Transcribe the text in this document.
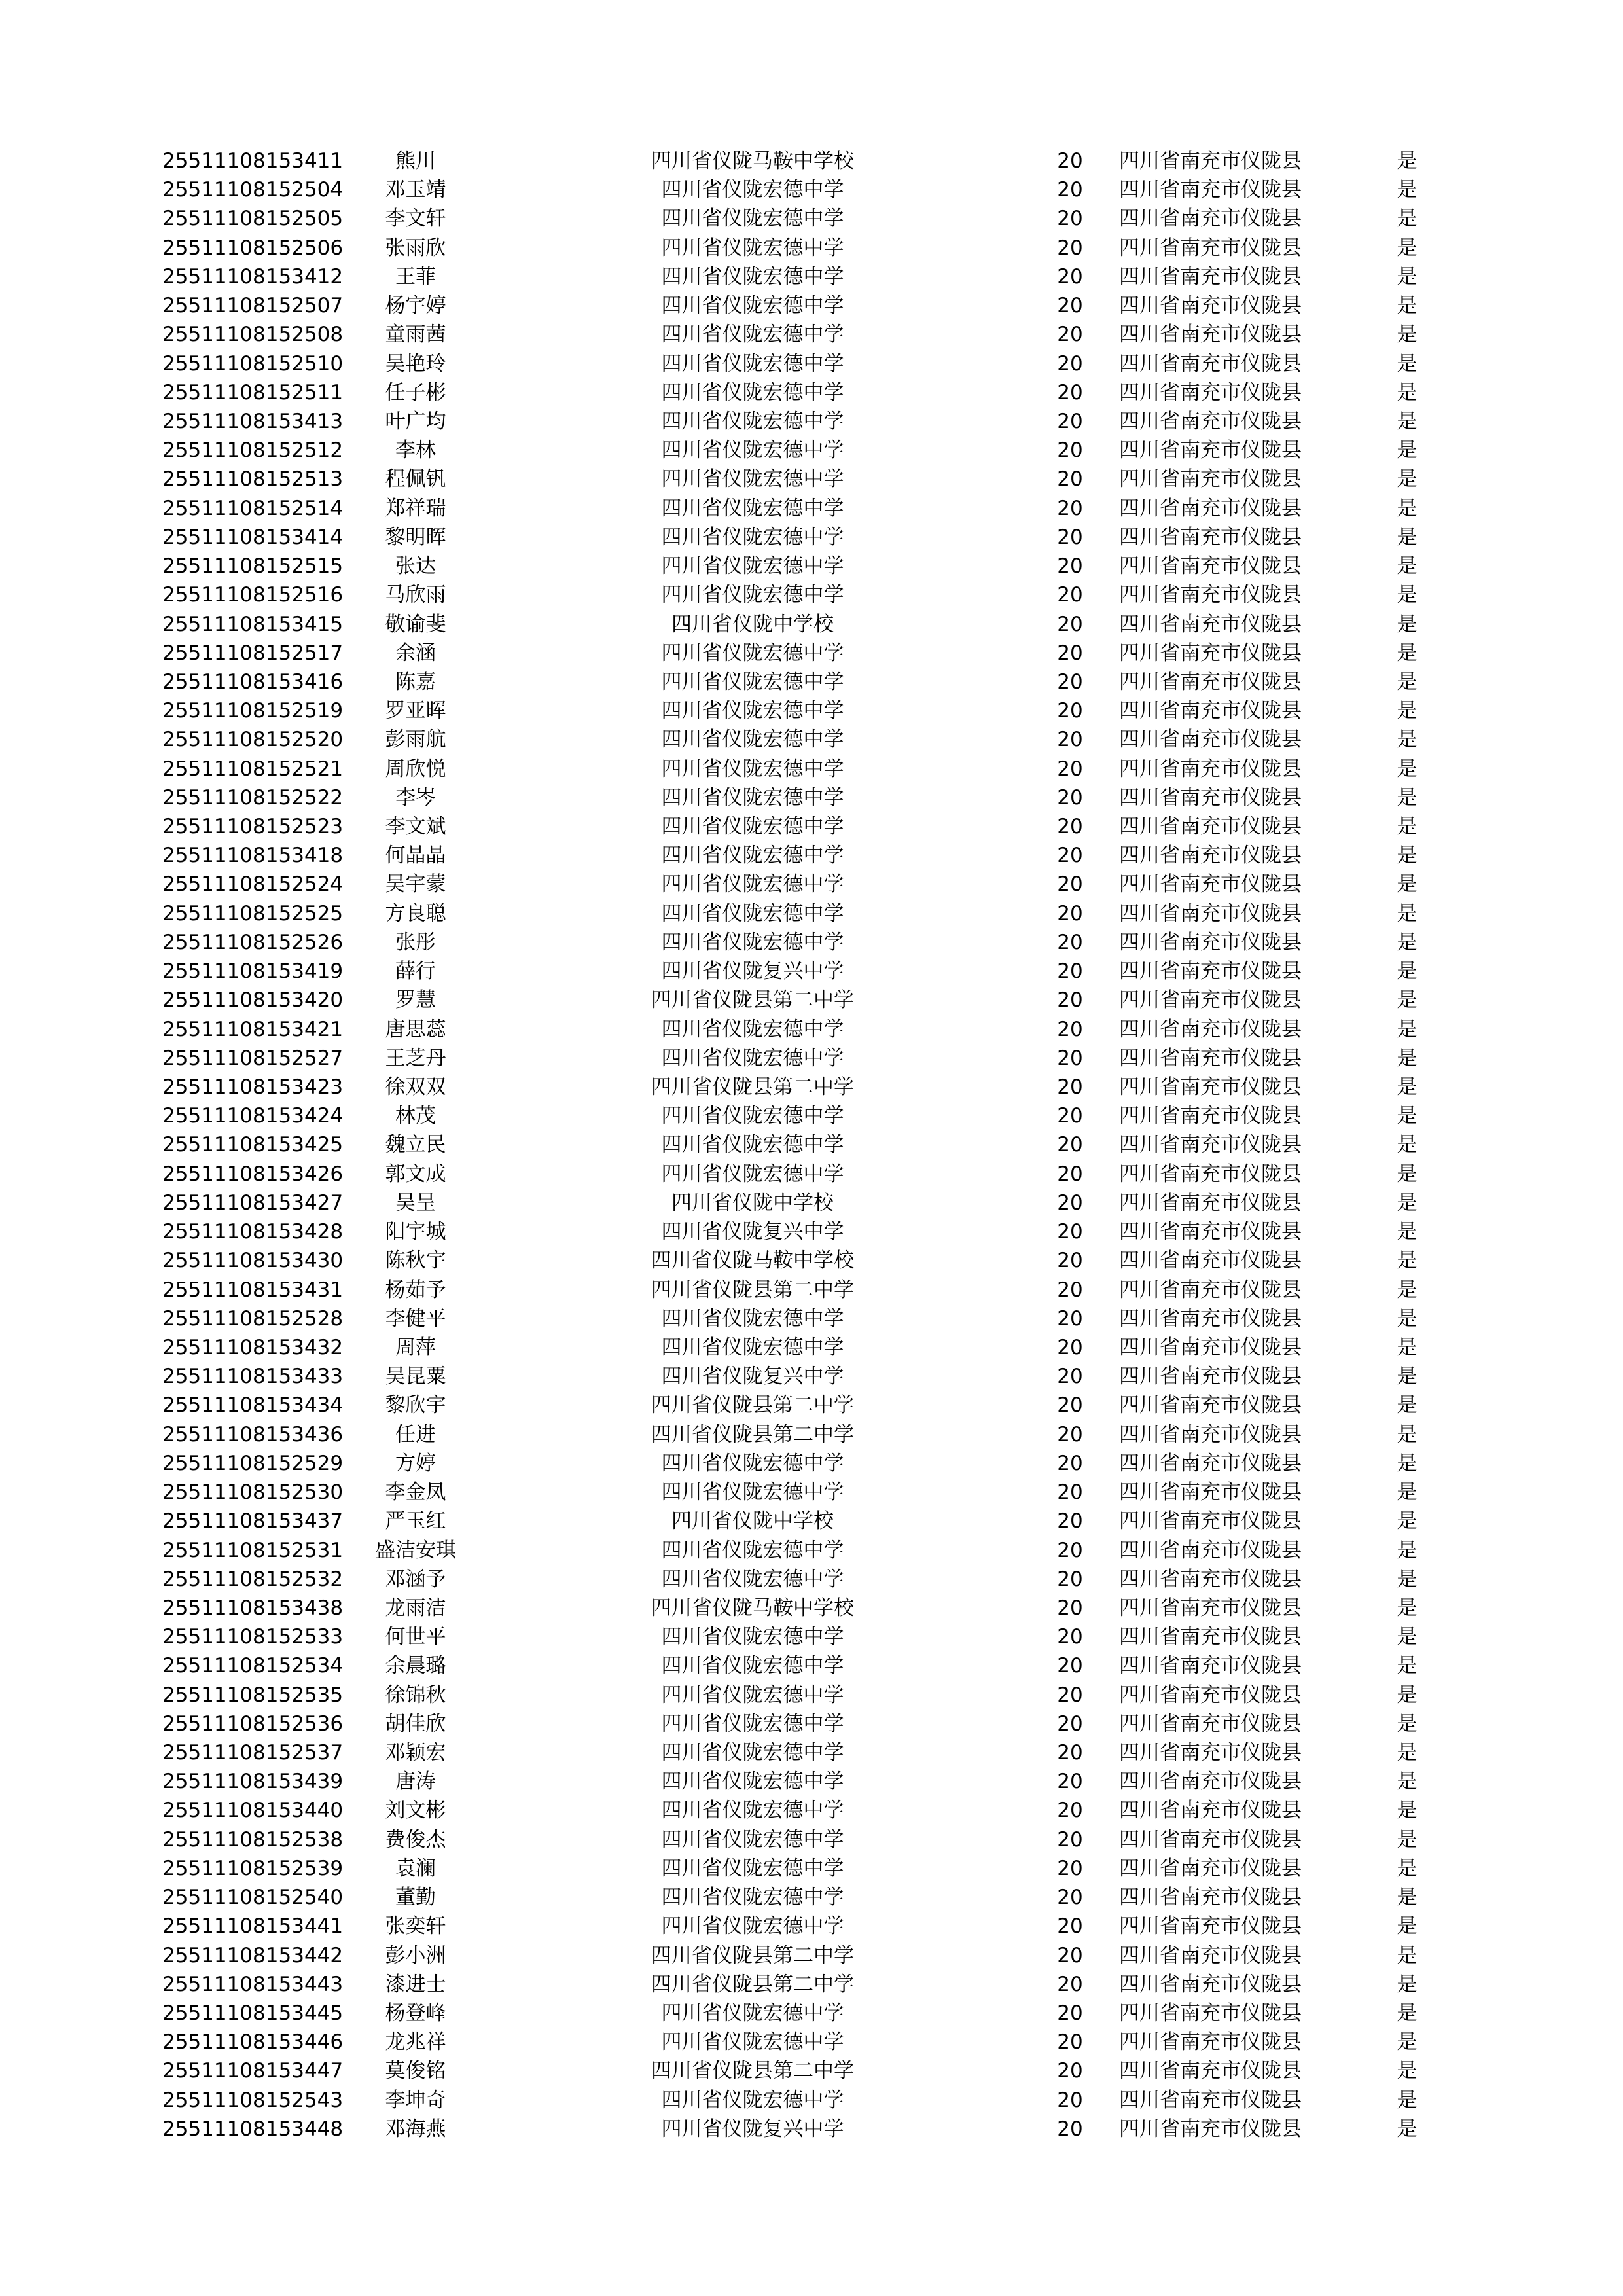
25511108153411	熊川	四川省仪陇马鞍中学校	20	四川省南充市仪陇县	是
25511108152504	邓玉靖	四川省仪陇宏德中学	20	四川省南充市仪陇县	是
25511108152505	李文轩	四川省仪陇宏德中学	20	四川省南充市仪陇县	是
25511108152506	张雨欣	四川省仪陇宏德中学	20	四川省南充市仪陇县	是
25511108153412	王菲	四川省仪陇宏德中学	20	四川省南充市仪陇县	是
25511108152507	杨宇婷	四川省仪陇宏德中学	20	四川省南充市仪陇县	是
25511108152508	童雨茜	四川省仪陇宏德中学	20	四川省南充市仪陇县	是
25511108152510	吴艳玲	四川省仪陇宏德中学	20	四川省南充市仪陇县	是
25511108152511	任子彬	四川省仪陇宏德中学	20	四川省南充市仪陇县	是
25511108153413	叶广均	四川省仪陇宏德中学	20	四川省南充市仪陇县	是
25511108152512	李林	四川省仪陇宏德中学	20	四川省南充市仪陇县	是
25511108152513	程佩钒	四川省仪陇宏德中学	20	四川省南充市仪陇县	是
25511108152514	郑祥瑞	四川省仪陇宏德中学	20	四川省南充市仪陇县	是
25511108153414	黎明晖	四川省仪陇宏德中学	20	四川省南充市仪陇县	是
25511108152515	张达	四川省仪陇宏德中学	20	四川省南充市仪陇县	是
25511108152516	马欣雨	四川省仪陇宏德中学	20	四川省南充市仪陇县	是
25511108153415	敬谕斐	四川省仪陇中学校	20	四川省南充市仪陇县	是
25511108152517	余涵	四川省仪陇宏德中学	20	四川省南充市仪陇县	是
25511108153416	陈嘉	四川省仪陇宏德中学	20	四川省南充市仪陇县	是
25511108152519	罗亚晖	四川省仪陇宏德中学	20	四川省南充市仪陇县	是
25511108152520	彭雨航	四川省仪陇宏德中学	20	四川省南充市仪陇县	是
25511108152521	周欣悦	四川省仪陇宏德中学	20	四川省南充市仪陇县	是
25511108152522	李岑	四川省仪陇宏德中学	20	四川省南充市仪陇县	是
25511108152523	李文斌	四川省仪陇宏德中学	20	四川省南充市仪陇县	是
25511108153418	何晶晶	四川省仪陇宏德中学	20	四川省南充市仪陇县	是
25511108152524	吴宇蒙	四川省仪陇宏德中学	20	四川省南充市仪陇县	是
25511108152525	方良聪	四川省仪陇宏德中学	20	四川省南充市仪陇县	是
25511108152526	张彤	四川省仪陇宏德中学	20	四川省南充市仪陇县	是
25511108153419	薛行	四川省仪陇复兴中学	20	四川省南充市仪陇县	是
25511108153420	罗慧	四川省仪陇县第二中学	20	四川省南充市仪陇县	是
25511108153421	唐思蕊	四川省仪陇宏德中学	20	四川省南充市仪陇县	是
25511108152527	王芝丹	四川省仪陇宏德中学	20	四川省南充市仪陇县	是
25511108153423	徐双双	四川省仪陇县第二中学	20	四川省南充市仪陇县	是
25511108153424	林茂	四川省仪陇宏德中学	20	四川省南充市仪陇县	是
25511108153425	魏立民	四川省仪陇宏德中学	20	四川省南充市仪陇县	是
25511108153426	郭文成	四川省仪陇宏德中学	20	四川省南充市仪陇县	是
25511108153427	吴呈	四川省仪陇中学校	20	四川省南充市仪陇县	是
25511108153428	阳宇城	四川省仪陇复兴中学	20	四川省南充市仪陇县	是
25511108153430	陈秋宇	四川省仪陇马鞍中学校	20	四川省南充市仪陇县	是
25511108153431	杨茹予	四川省仪陇县第二中学	20	四川省南充市仪陇县	是
25511108152528	李健平	四川省仪陇宏德中学	20	四川省南充市仪陇县	是
25511108153432	周萍	四川省仪陇宏德中学	20	四川省南充市仪陇县	是
25511108153433	吴昆粟	四川省仪陇复兴中学	20	四川省南充市仪陇县	是
25511108153434	黎欣宇	四川省仪陇县第二中学	20	四川省南充市仪陇县	是
25511108153436	任进	四川省仪陇县第二中学	20	四川省南充市仪陇县	是
25511108152529	方婷	四川省仪陇宏德中学	20	四川省南充市仪陇县	是
25511108152530	李金凤	四川省仪陇宏德中学	20	四川省南充市仪陇县	是
25511108153437	严玉红	四川省仪陇中学校	20	四川省南充市仪陇县	是
25511108152531	盛洁安琪	四川省仪陇宏德中学	20	四川省南充市仪陇县	是
25511108152532	邓涵予	四川省仪陇宏德中学	20	四川省南充市仪陇县	是
25511108153438	龙雨洁	四川省仪陇马鞍中学校	20	四川省南充市仪陇县	是
25511108152533	何世平	四川省仪陇宏德中学	20	四川省南充市仪陇县	是
25511108152534	余晨璐	四川省仪陇宏德中学	20	四川省南充市仪陇县	是
25511108152535	徐锦秋	四川省仪陇宏德中学	20	四川省南充市仪陇县	是
25511108152536	胡佳欣	四川省仪陇宏德中学	20	四川省南充市仪陇县	是
25511108152537	邓颖宏	四川省仪陇宏德中学	20	四川省南充市仪陇县	是
25511108153439	唐涛	四川省仪陇宏德中学	20	四川省南充市仪陇县	是
25511108153440	刘文彬	四川省仪陇宏德中学	20	四川省南充市仪陇县	是
25511108152538	费俊杰	四川省仪陇宏德中学	20	四川省南充市仪陇县	是
25511108152539	袁澜	四川省仪陇宏德中学	20	四川省南充市仪陇县	是
25511108152540	董勤	四川省仪陇宏德中学	20	四川省南充市仪陇县	是
25511108153441	张奕轩	四川省仪陇宏德中学	20	四川省南充市仪陇县	是
25511108153442	彭小洲	四川省仪陇县第二中学	20	四川省南充市仪陇县	是
25511108153443	漆进士	四川省仪陇县第二中学	20	四川省南充市仪陇县	是
25511108153445	杨登峰	四川省仪陇宏德中学	20	四川省南充市仪陇县	是
25511108153446	龙兆祥	四川省仪陇宏德中学	20	四川省南充市仪陇县	是
25511108153447	莫俊铭	四川省仪陇县第二中学	20	四川省南充市仪陇县	是
25511108152543	李坤奇	四川省仪陇宏德中学	20	四川省南充市仪陇县	是
25511108153448	邓海燕	四川省仪陇复兴中学	20	四川省南充市仪陇县	是
